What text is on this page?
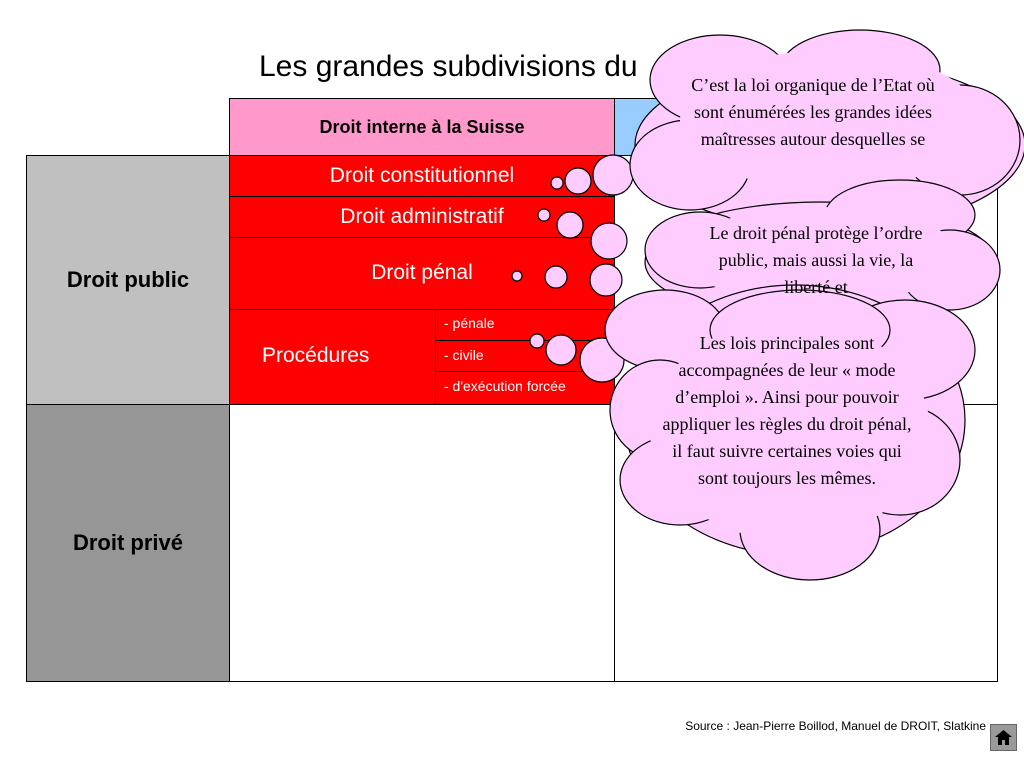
Les grandes subdivisions du
Droit interne à la Suisse
Droit public
Droit privé
Droit constitutionnel
Droit administratif
Droit pénal
Procédures
- pénale
- civile
- d'exécution forcée
C’est la loi organique de l’Etat où sont énumérées les grandes idées maîtresses autour desquelles se
Le droit pénal protège l’ordre public, mais aussi la vie, la liberté et
Les lois principales sont accompagnées de leur « mode d’emploi ». Ainsi pour pouvoir appliquer les règles du droit pénal, il faut suivre certaines voies qui sont toujours les mêmes.
Source : Jean-Pierre Boillod, Manuel de DROIT, Slatkine
